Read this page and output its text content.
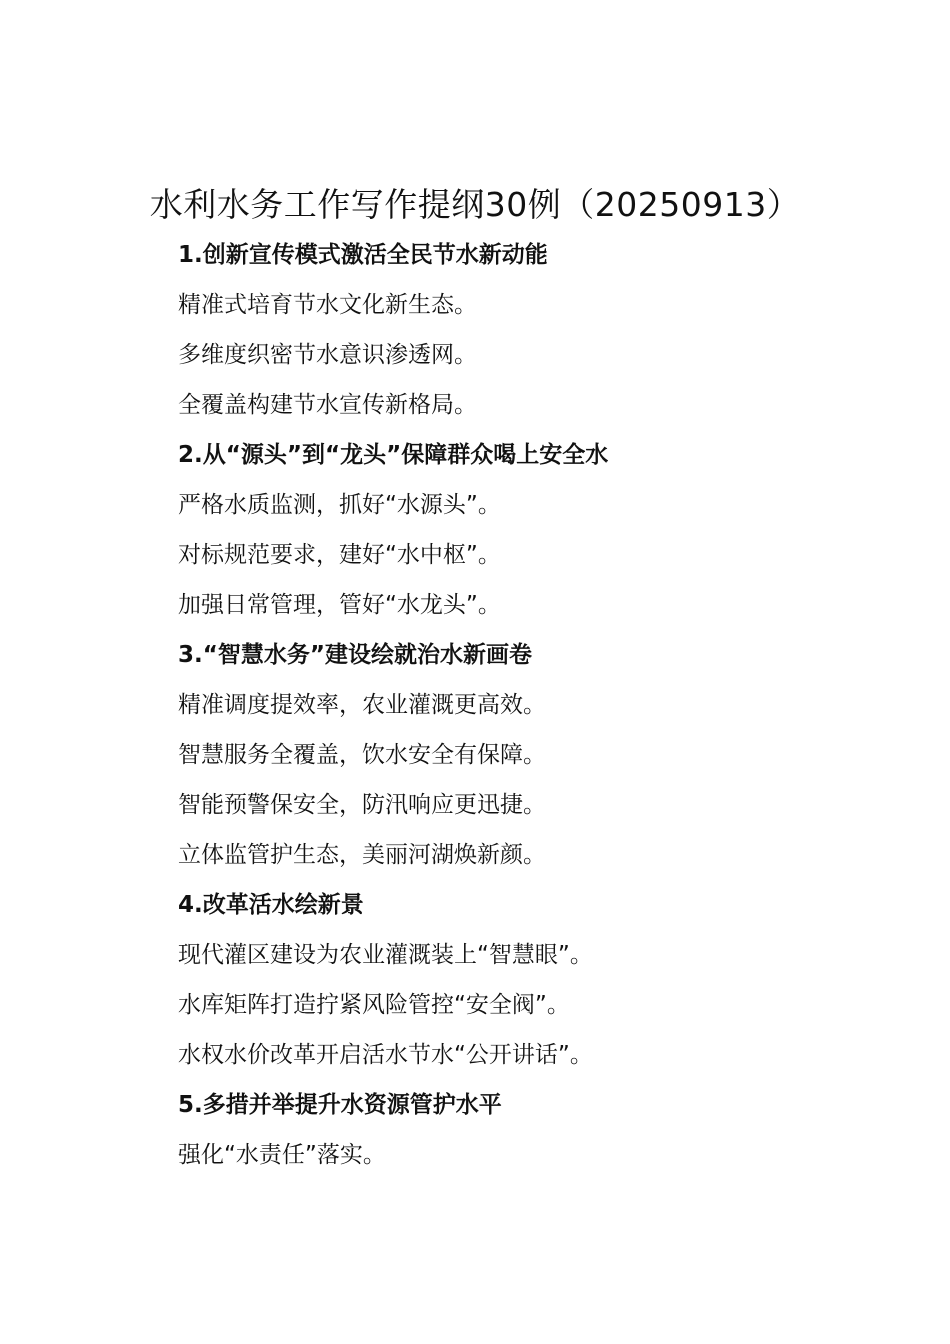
水利水务工作写作提纲30例（20250913）
1.创新宣传模式激活全民节水新动能
精准式培育节水文化新生态。
多维度织密节水意识渗透网。
全覆盖构建节水宣传新格局。
2.从“源头”到“龙头”保障群众喝上安全水
严格水质监测，抓好“水源头”。
对标规范要求，建好“水中枢”。
加强日常管理，管好“水龙头”。
3.“智慧水务”建设绘就治水新画卷
精准调度提效率，农业灌溉更高效。
智慧服务全覆盖，饮水安全有保障。
智能预警保安全，防汛响应更迅捷。
立体监管护生态，美丽河湖焕新颜。
4.改革活水绘新景
现代灌区建设为农业灌溉装上“智慧眼”。
水库矩阵打造拧紧风险管控“安全阀”。
水权水价改革开启活水节水“公开讲话”。
5.多措并举提升水资源管护水平
强化“水责任”落实。
